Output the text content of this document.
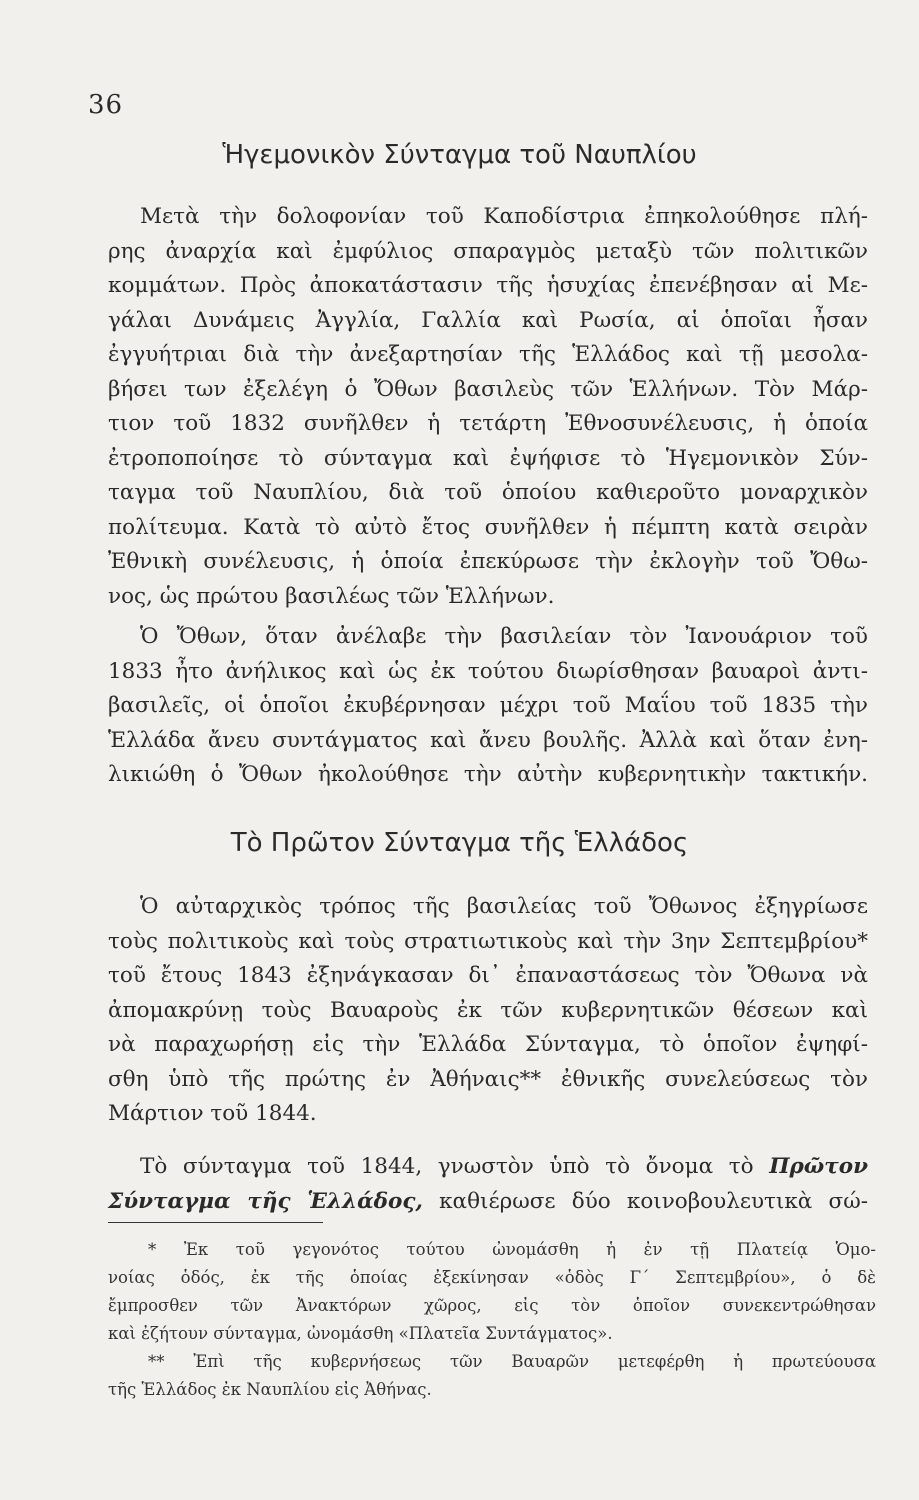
36
Ἡγεμονικὸν Σύνταγμα τοῦ Ναυπλίου
Μετὰ τὴν δολοφονίαν τοῦ Καποδίστρια ἐπηκολούθησε πλή-
ρης ἀναρχία καὶ ἐμφύλιος σπαραγμὸς μεταξὺ τῶν πολιτικῶν
κομμάτων. Πρὸς ἀποκατάστασιν τῆς ἡσυχίας ἐπενέβησαν αἱ Με-
γάλαι Δυνάμεις Ἀγγλία, Γαλλία καὶ Ρωσία, αἱ ὁποῖαι ἦσαν
ἐγγυήτριαι διὰ τὴν ἀνεξαρτησίαν τῆς Ἑλλάδος καὶ τῇ μεσολα-
βήσει των ἐξελέγη ὁ Ὄθων βασιλεὺς τῶν Ἑλλήνων. Τὸν Μάρ-
τιον τοῦ 1832 συνῆλθεν ἡ τετάρτη Ἐθνοσυνέλευσις, ἡ ὁποία
ἐτροποποίησε τὸ σύνταγμα καὶ ἐψήφισε τὸ Ἡγεμονικὸν Σύν-
ταγμα τοῦ Ναυπλίου, διὰ τοῦ ὁποίου καθιεροῦτο μοναρχικὸν
πολίτευμα. Κατὰ τὸ αὐτὸ ἔτος συνῆλθεν ἡ πέμπτη κατὰ σειρὰν
Ἐθνικὴ συνέλευσις, ἡ ὁποία ἐπεκύρωσε τὴν ἐκλογὴν τοῦ Ὄθω-
νος, ὡς πρώτου βασιλέως τῶν Ἑλλήνων.
Ὁ Ὄθων, ὅταν ἀνέλαβε τὴν βασιλείαν τὸν Ἰανουάριον τοῦ
1833 ἦτο ἀνήλικος καὶ ὡς ἐκ τούτου διωρίσθησαν βαυαροὶ ἀντι-
βασιλεῖς, οἱ ὁποῖοι ἐκυβέρνησαν μέχρι τοῦ Μαΐου τοῦ 1835 τὴν
Ἑλλάδα ἄνευ συντάγματος καὶ ἄνευ βουλῆς. Ἀλλὰ καὶ ὅταν ἐνη-
λικιώθη ὁ Ὄθων ἠκολούθησε τὴν αὐτὴν κυβερνητικὴν τακτικήν.
Τὸ Πρῶτον Σύνταγμα τῆς Ἑλλάδος
Ὁ αὐταρχικὸς τρόπος τῆς βασιλείας τοῦ Ὄθωνος ἐξηγρίωσε
τοὺς πολιτικοὺς καὶ τοὺς στρατιωτικοὺς καὶ τὴν 3ην Σεπτεμβρίου*
τοῦ ἔτους 1843 ἐξηνάγκασαν δι᾿ ἐπαναστάσεως τὸν Ὄθωνα νὰ
ἀπομακρύνῃ τοὺς Βαυαροὺς ἐκ τῶν κυβερνητικῶν θέσεων καὶ
νὰ παραχωρήσῃ εἰς τὴν Ἑλλάδα Σύνταγμα, τὸ ὁποῖον ἐψηφί-
σθη ὑπὸ τῆς πρώτης ἐν Ἀθήναις** ἐθνικῆς συνελεύσεως τὸν
Μάρτιον τοῦ 1844.
Τὸ σύνταγμα τοῦ 1844, γνωστὸν ὑπὸ τὸ ὄνομα τὸ Πρῶτον
Σύνταγμα τῆς Ἑλλάδος, καθιέρωσε δύο κοινοβουλευτικὰ σώ-
* Ἐκ τοῦ γεγονότος τούτου ὠνομάσθη ἡ ἐν τῇ Πλατείᾳ Ὁμο-
νοίας ὁδός, ἐκ τῆς ὁποίας ἐξεκίνησαν «ὁδὸς Γ΄ Σεπτεμβρίου», ὁ δὲ
ἔμπροσθεν τῶν Ἀνακτόρων χῶρος, εἰς τὸν ὁποῖον συνεκεντρώθησαν
καὶ ἐζήτουν σύνταγμα, ὠνομάσθη «Πλατεῖα Συντάγματος».
** Ἐπὶ τῆς κυβερνήσεως τῶν Βαυαρῶν μετεφέρθη ἡ πρωτεύουσα
τῆς Ἑλλάδος ἐκ Ναυπλίου εἰς Ἀθήνας.
